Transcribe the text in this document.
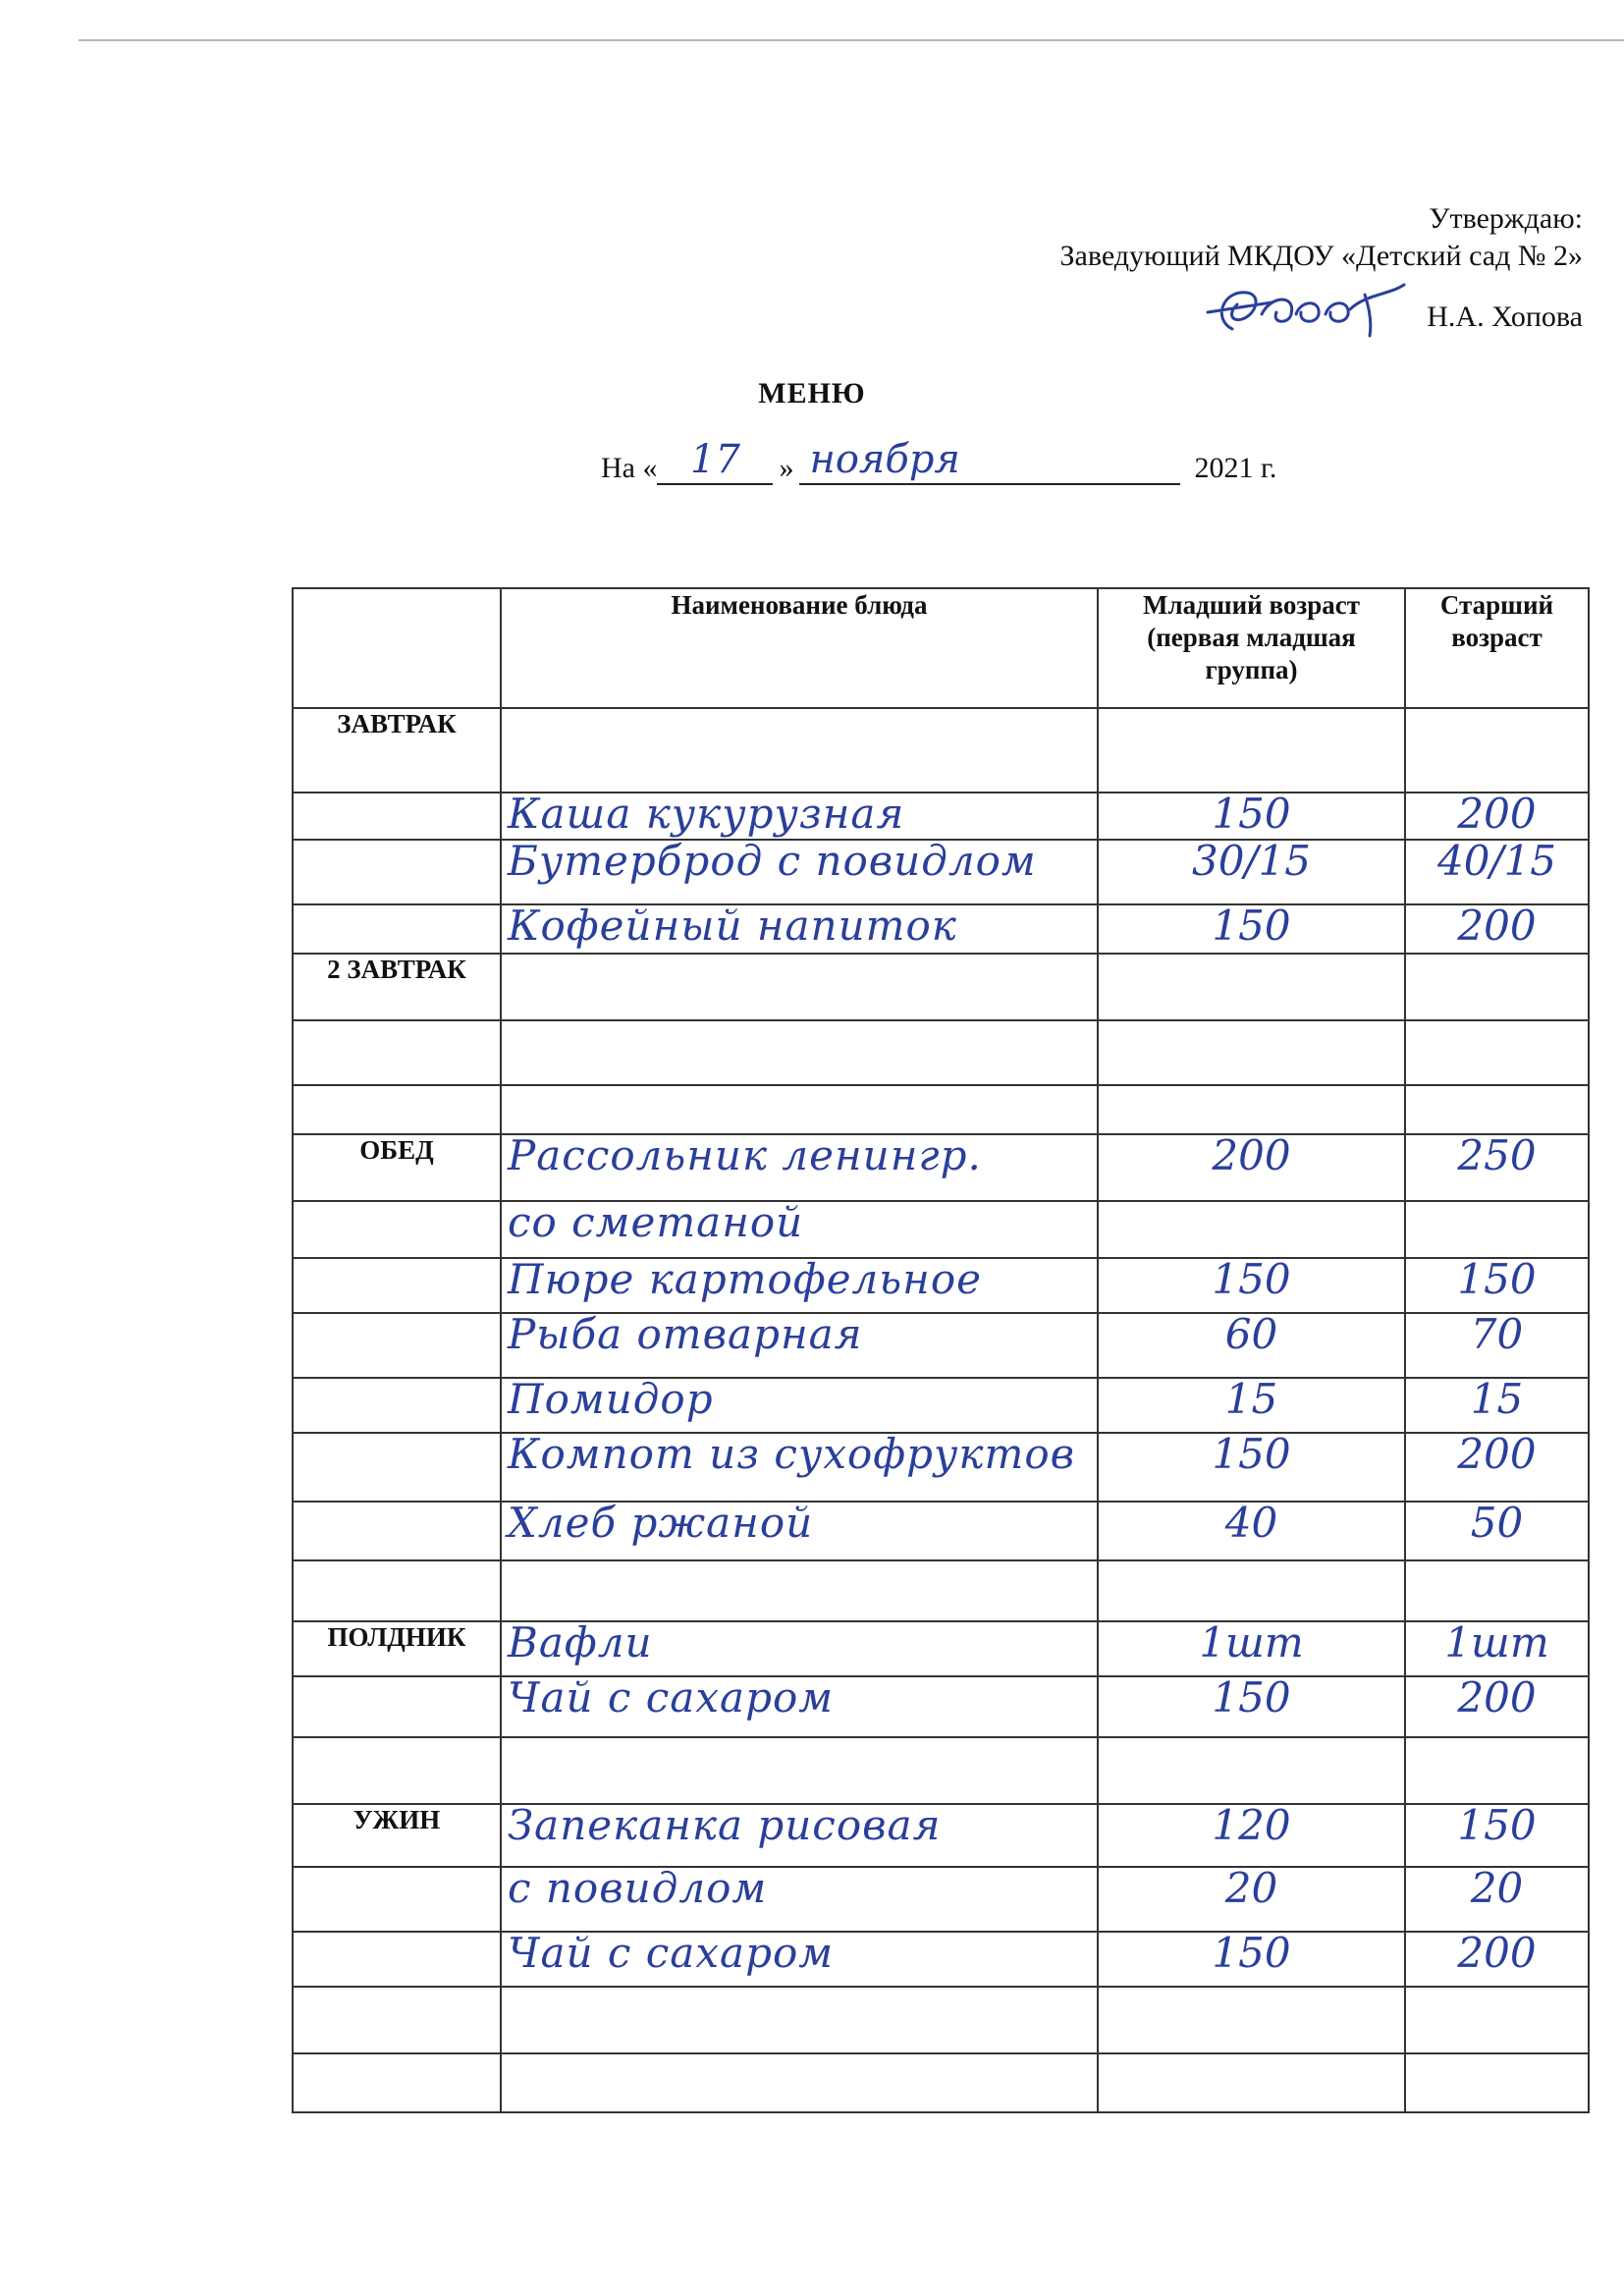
Утверждаю:
Заведующий МКДОУ «Детский сад № 2»
Н.А. Хопова
МЕНЮ
На « 17	» ноября	2021 г.
	Наименование блюда	Младший возраст (первая младшая группа)	Старший возраст
ЗАВТРАК			
	Каша кукурузная	150	200
	Бутерброд с повидлом	30/15	40/15
	Кофейный напиток	150	200
2 ЗАВТРАК			

ОБЕД	Рассольник ленингр.	200	250
	со сметаной		
	Пюре картофельное	150	150
	Рыба отварная	60	70
	Помидор	15	15
	Компот из сухофруктов	150	200
	Хлеб ржаной	40	50

ПОЛДНИК	Вафли	1шт	1шт
	Чай с сахаром	150	200

УЖИН	Запеканка рисовая	120	150
	с повидлом	20	20
	Чай с сахаром	150	200
